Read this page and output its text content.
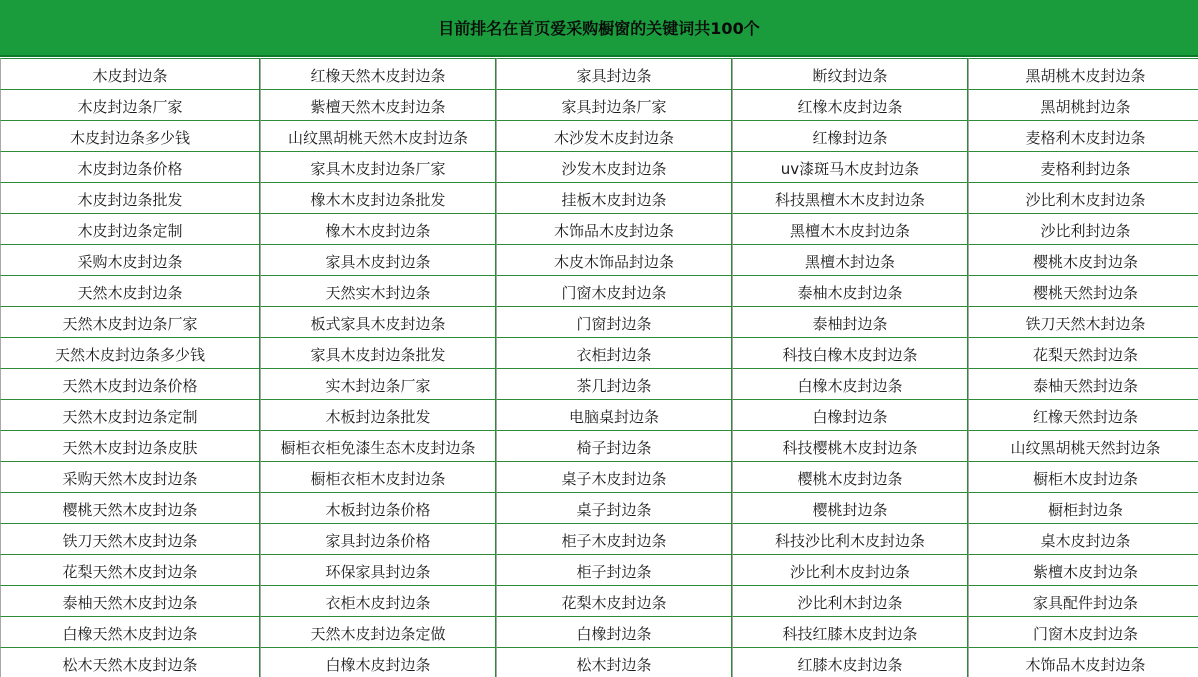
目前排名在首页爱采购橱窗的关键词共100个
木皮封边条	红橡天然木皮封边条	家具封边条	断纹封边条	黑胡桃木皮封边条
木皮封边条厂家	紫檀天然木皮封边条	家具封边条厂家	红橡木皮封边条	黑胡桃封边条
木皮封边条多少钱	山纹黑胡桃天然木皮封边条	木沙发木皮封边条	红橡封边条	麦格利木皮封边条
木皮封边条价格	家具木皮封边条厂家	沙发木皮封边条	uv漆斑马木皮封边条	麦格利封边条
木皮封边条批发	橡木木皮封边条批发	挂板木皮封边条	科技黑檀木木皮封边条	沙比利木皮封边条
木皮封边条定制	橡木木皮封边条	木饰品木皮封边条	黑檀木木皮封边条	沙比利封边条
采购木皮封边条	家具木皮封边条	木皮木饰品封边条	黑檀木封边条	樱桃木皮封边条
天然木皮封边条	天然实木封边条	门窗木皮封边条	泰柚木皮封边条	樱桃天然封边条
天然木皮封边条厂家	板式家具木皮封边条	门窗封边条	泰柚封边条	铁刀天然木封边条
天然木皮封边条多少钱	家具木皮封边条批发	衣柜封边条	科技白橡木皮封边条	花梨天然封边条
天然木皮封边条价格	实木封边条厂家	茶几封边条	白橡木皮封边条	泰柚天然封边条
天然木皮封边条定制	木板封边条批发	电脑桌封边条	白橡封边条	红橡天然封边条
天然木皮封边条皮肤	橱柜衣柜免漆生态木皮封边条	椅子封边条	科技樱桃木皮封边条	山纹黑胡桃天然封边条
采购天然木皮封边条	橱柜衣柜木皮封边条	桌子木皮封边条	樱桃木皮封边条	橱柜木皮封边条
樱桃天然木皮封边条	木板封边条价格	桌子封边条	樱桃封边条	橱柜封边条
铁刀天然木皮封边条	家具封边条价格	柜子木皮封边条	科技沙比利木皮封边条	桌木皮封边条
花梨天然木皮封边条	环保家具封边条	柜子封边条	沙比利木皮封边条	紫檀木皮封边条
泰柚天然木皮封边条	衣柜木皮封边条	花梨木皮封边条	沙比利木封边条	家具配件封边条
白橡天然木皮封边条	天然木皮封边条定做	白橡封边条	科技红膝木皮封边条	门窗木皮封边条
松木天然木皮封边条	白橡木皮封边条	松木封边条	红膝木皮封边条	木饰品木皮封边条
